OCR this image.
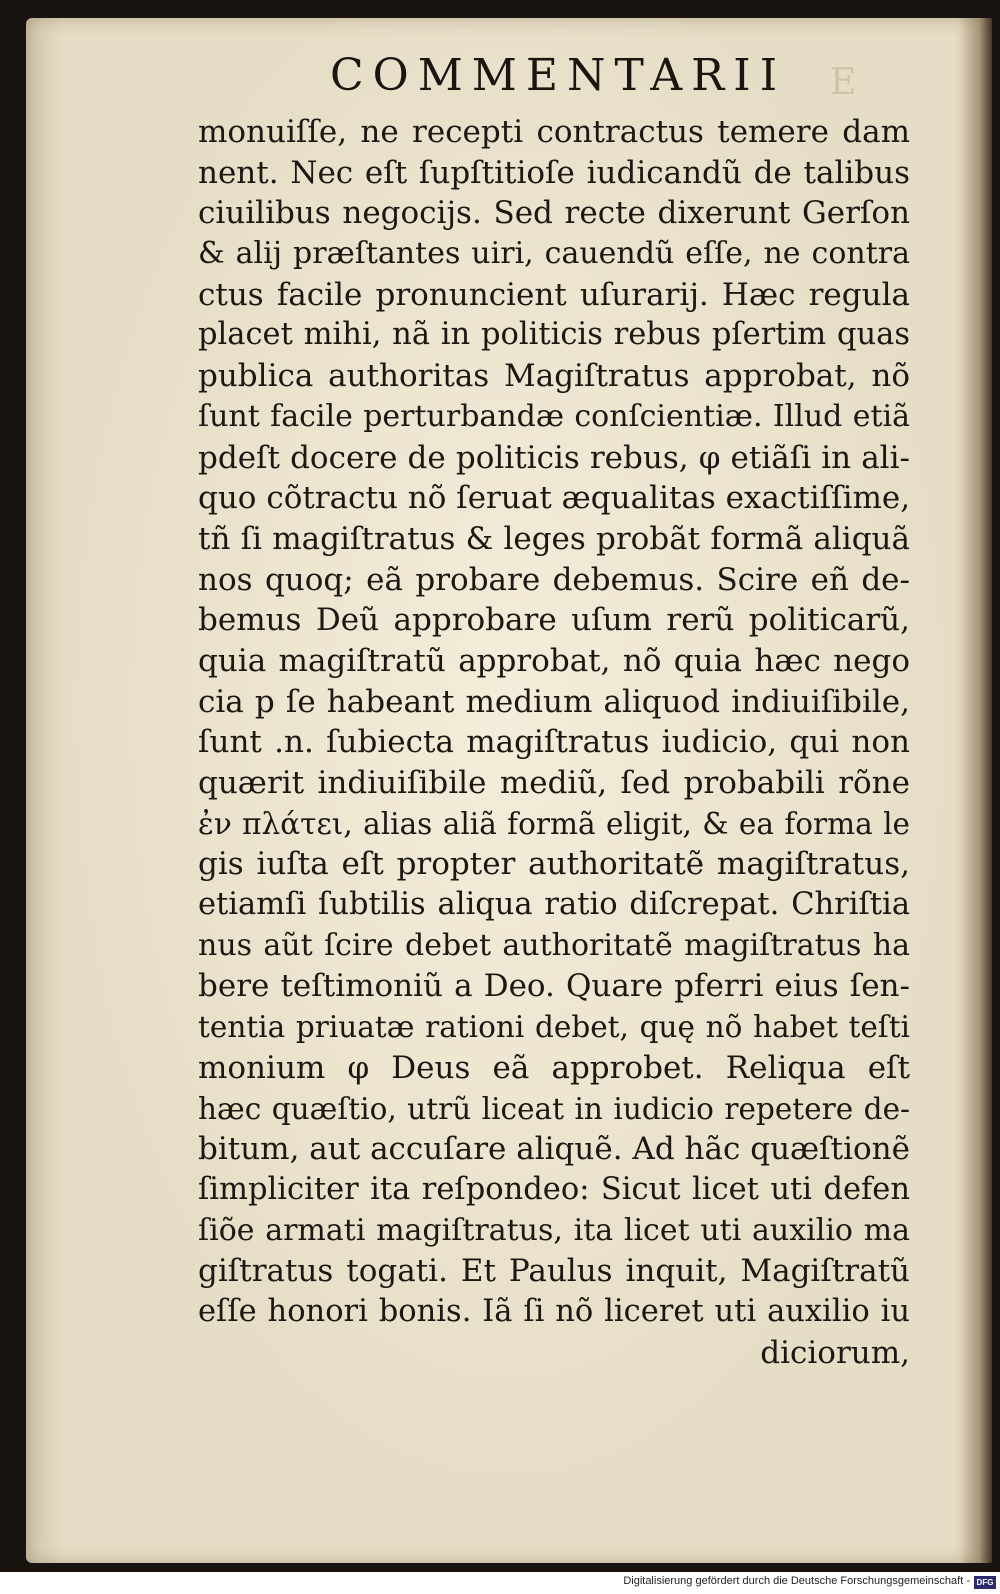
E
COMMENTARII
monuiſſe, ne recepti contractus temere dam
nent. Nec eſt ſupſtitioſe iudicandũ de talibus
ciuilibus negocijs. Sed recte dixerunt Gerſon
& alij præſtantes uiri, cauendũ eſſe, ne contra
ctus facile pronuncient uſurarij. Hæc regula
placet mihi, nã in politicis rebus pſertim quas
publica authoritas Magiſtratus approbat, nõ
ſunt facile perturbandæ conſcientiæ. Illud etiã
pdeſt docere de politicis rebus, φ etiãſi in ali-
quo cõtractu nõ ſeruat æqualitas exactiſſime,
tñ ſi magiſtratus & leges probãt formã aliquã
nos quoq; eã probare debemus. Scire eñ de-
bemus Deũ approbare uſum rerũ politicarũ,
quia magiſtratũ approbat, nõ quia hæc nego
cia p ſe habeant medium aliquod indiuiſibile,
ſunt .n. ſubiecta magiſtratus iudicio, qui non
quærit indiuiſibile mediũ, ſed probabili rõne
ἐν πλάτει, alias aliã formã eligit, & ea forma le
gis iuſta eſt propter authoritatẽ magiſtratus,
etiamſi ſubtilis aliqua ratio diſcrepat. Chriſtia
nus aũt ſcire debet authoritatẽ magiſtratus ha
bere teſtimoniũ a Deo. Quare pferri eius ſen-
tentia priuatæ rationi debet, quę nõ habet teſti
monium φ Deus eã approbet. Reliqua eſt
hæc quæſtio, utrũ liceat in iudicio repetere de-
bitum, aut accuſare aliquẽ. Ad hãc quæſtionẽ
ſimpliciter ita reſpondeo: Sicut licet uti defen
ſiõe armati magiſtratus, ita licet uti auxilio ma
giſtratus togati. Et Paulus inquit, Magiſtratũ
eſſe honori bonis. Iã ſi nõ liceret uti auxilio iu
diciorum,
Digitalisierung gefördert durch die Deutsche Forschungsgemeinschaft - DFG
